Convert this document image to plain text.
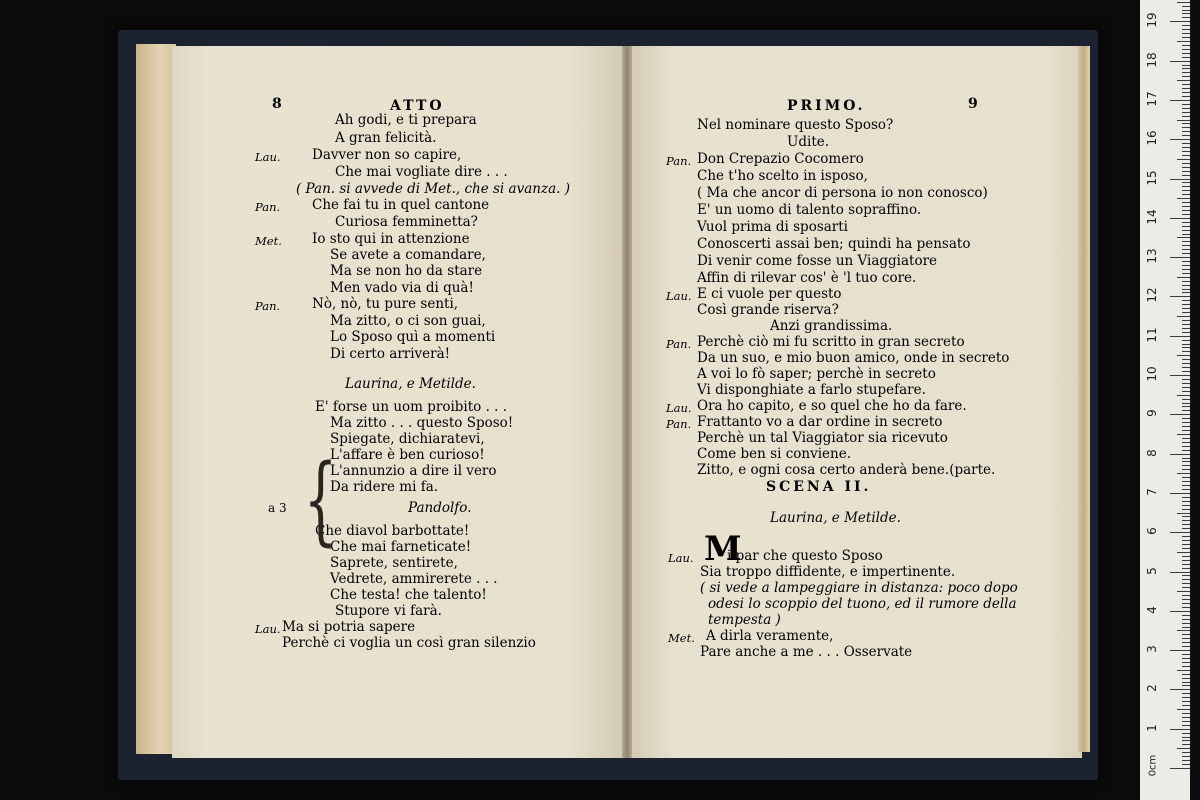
8	ATTO
Ah godi, e ti prepara
A gran felicità.
Lau. Davver non so capire,
Che mai vogliate dire . . .
( Pan. si avvede di Met., che si avanza. )
Pan. Che fai tu in quel cantone
Curiosa femminetta?
Met. Io sto qui in attenzione
Se avete a comandare,
Ma se non ho da stare
Men vado via di quà!
Pan. Nò, nò, tu pure senti,
Ma zitto, o ci son guai,
Lo Sposo quì a momenti
Di certo arriverà!
Laurina, e Metilde.
E' forse un uom proibito . . .
Ma zitto . . . questo Sposo!
Spiegate, dichiaratevi,
L'affare è ben curioso!
L'annunzio a dire il vero
Da ridere mi fa.
Pandolfo.
Che diavol barbottate!
Che mai farneticate!
Saprete, sentirete,
Vedrete, ammirerete . . .
Che testa! che talento!
Stupore vi farà.
Lau. Ma si potria sapere
Perchè ci voglia un così gran silenzio
{
a 3
PRIMO.	9
Nel nominare questo Sposo?
Udite.
Pan. Don Crepazio Cocomero
Che t'ho scelto in isposo,
( Ma che ancor di persona io non conosco)
E' un uomo di talento sopraffino.
Vuol prima di sposarti
Conoscerti assai ben; quindi ha pensato
Di venir come fosse un Viaggiatore
Affin di rilevar cos' è 'l tuo core.
Lau. E ci vuole per questo
Così grande riserva?
Anzi grandissima.
Pan. Perchè ciò mi fu scritto in gran secreto
Da un suo, e mio buon amico, onde in secreto
A voi lo fò saper; perchè in secreto
Vi disponghiate a farlo stupefare.
Lau. Ora ho capito, e so quel che ho da fare.
Pan. Frattanto vo a dar ordine in secreto
Perchè un tal Viaggiator sia ricevuto
Come ben si conviene.
Zitto, e ogni cosa certo anderà bene.(parte.
SCENA II.
Laurina, e Metilde.
M
Lau. i par che questo Sposo
Sia troppo diffidente, e impertinente.
( si vede a lampeggiare in distanza: poco dopo
odesi lo scoppio del tuono, ed il rumore della
tempesta )
Met. A dirla veramente,
Pare anche a me . . . Osservate
1
2
3
4
5
6
7
8
9
10
11
12
13
14
15
16
17
18
19
0cm
